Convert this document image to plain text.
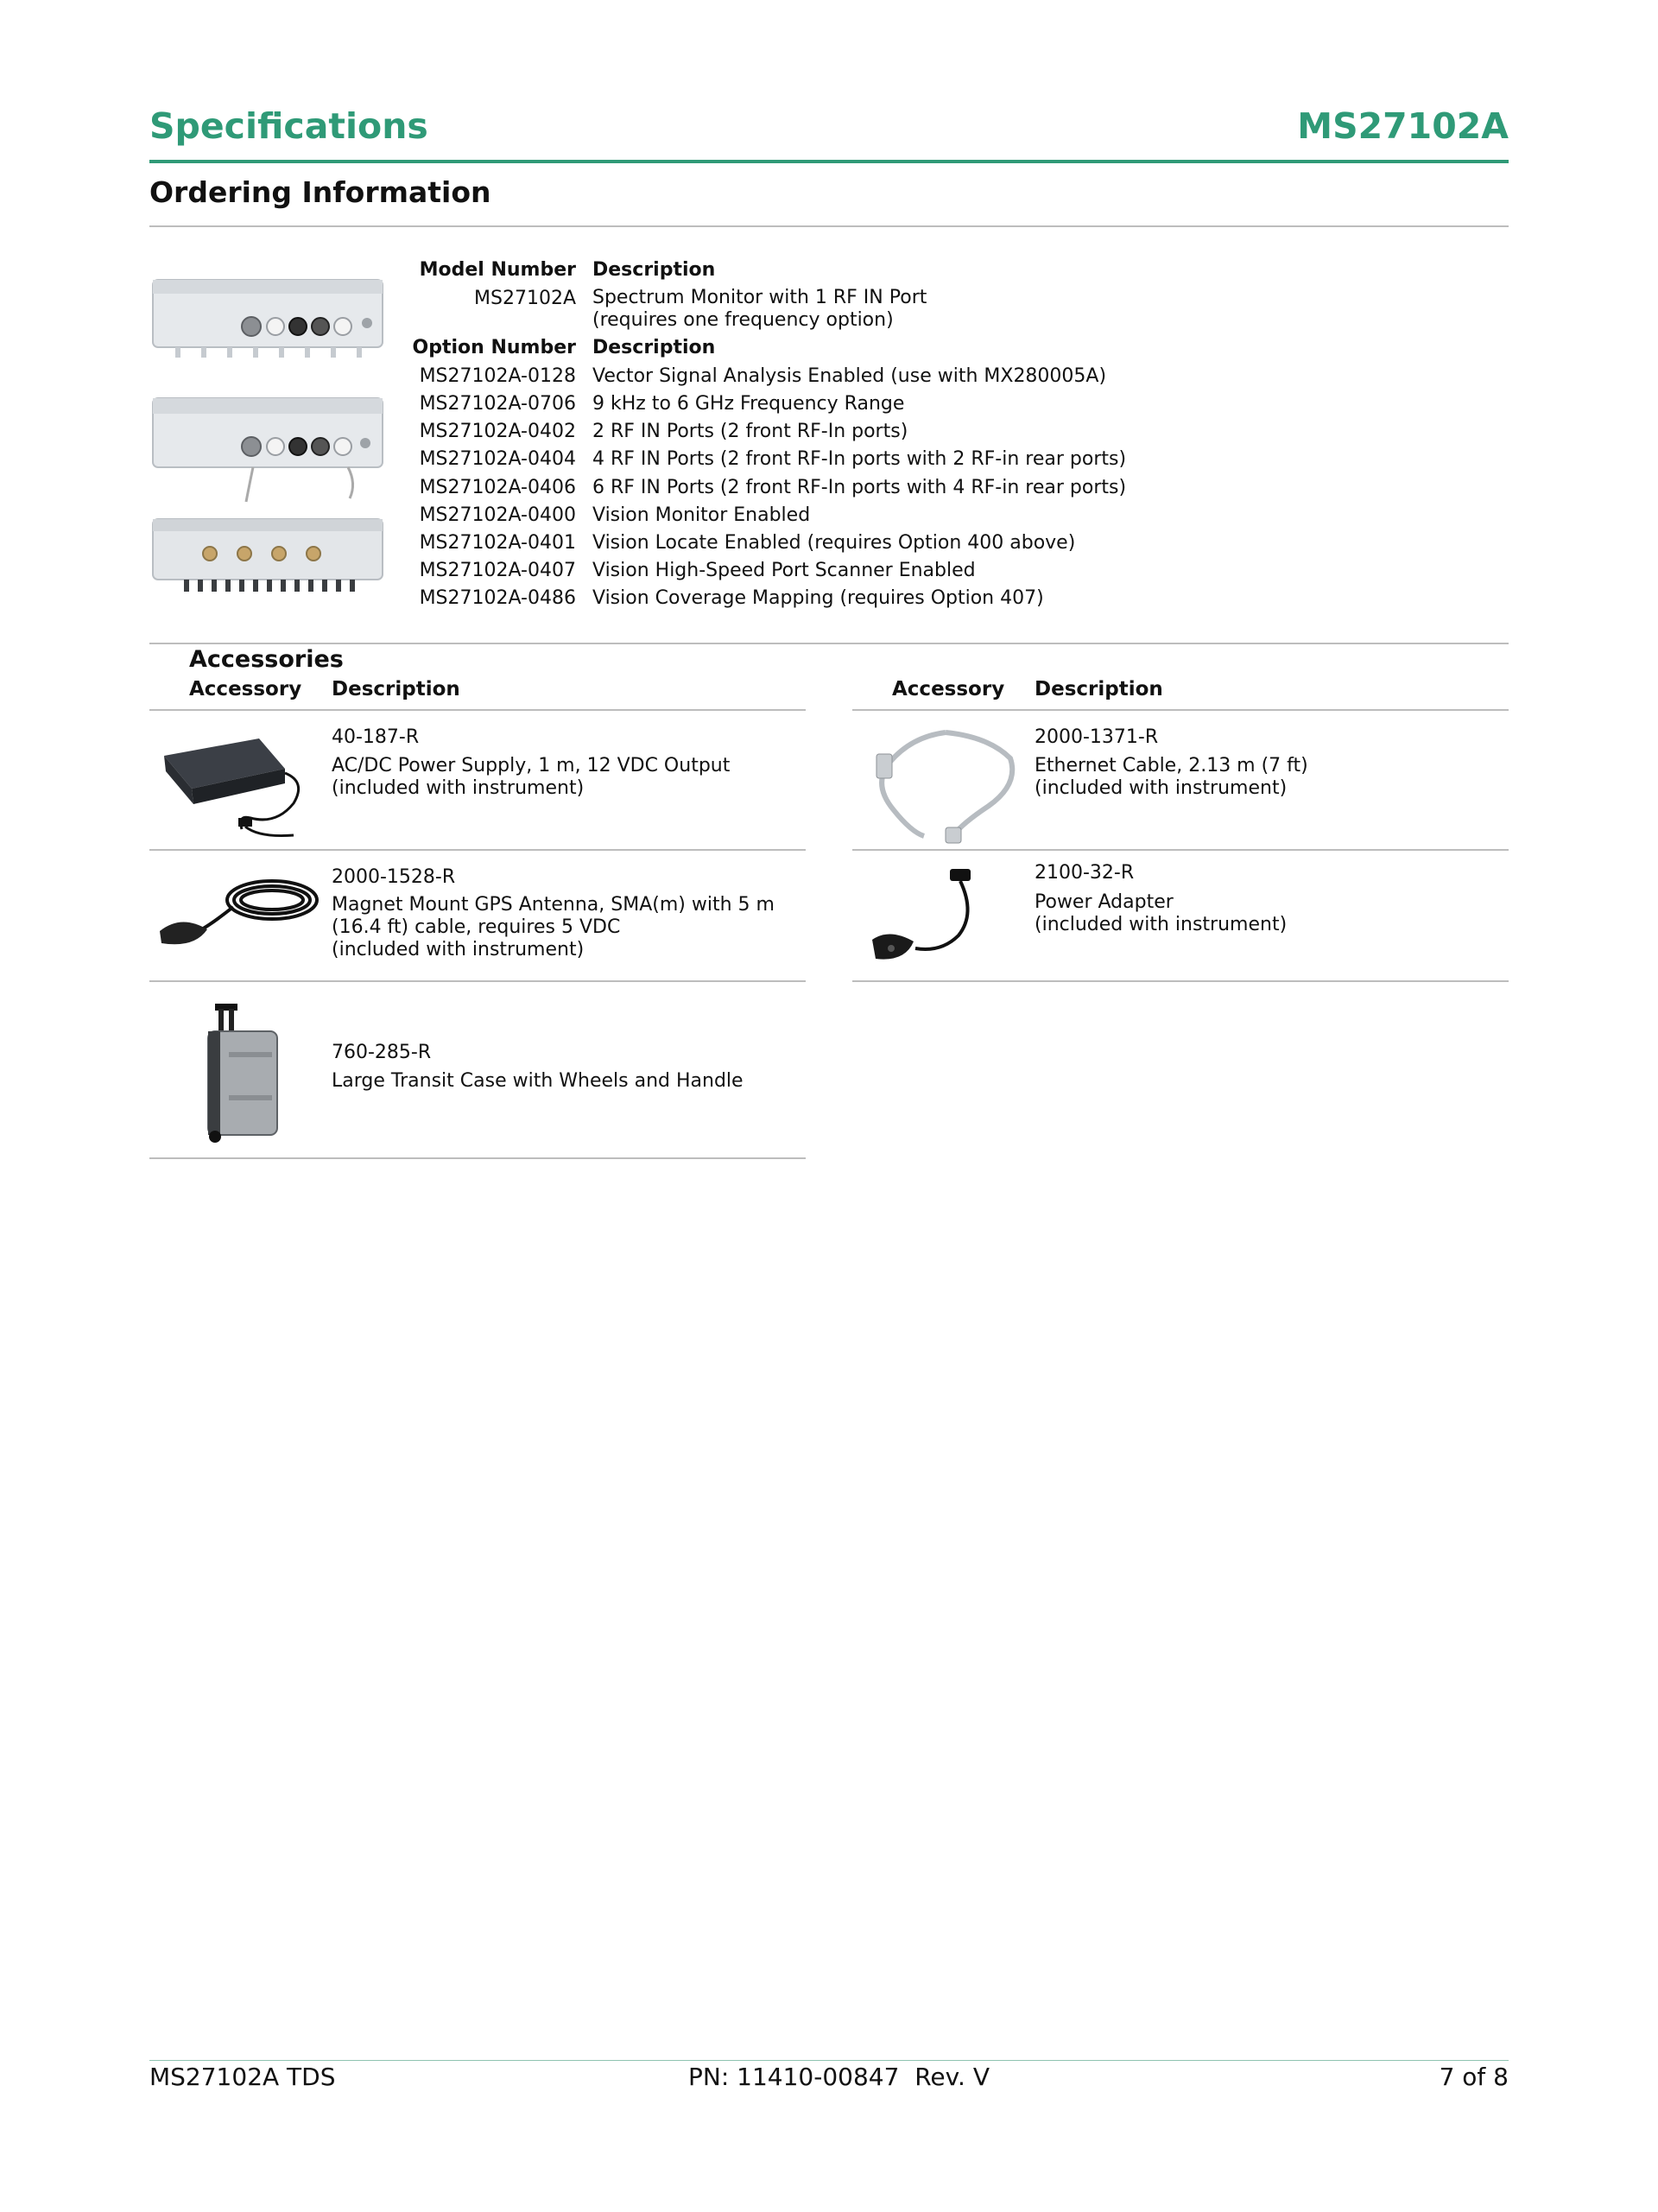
Specifications	MS27102A
Ordering Information
Model Number Description
MS27102A Spectrum Monitor with 1 RF IN Port
(requires one frequency option)
Option Number Description
MS27102A-0128 Vector Signal Analysis Enabled (use with MX280005A)
MS27102A-0706 9 kHz to 6 GHz Frequency Range
MS27102A-0402 2 RF IN Ports (2 front RF-In ports)
MS27102A-0404 4 RF IN Ports (2 front RF-In ports with 2 RF-in rear ports)
MS27102A-0406 6 RF IN Ports (2 front RF-In ports with 4 RF-in rear ports)
MS27102A-0400 Vision Monitor Enabled
MS27102A-0401 Vision Locate Enabled (requires Option 400 above)
MS27102A-0407 Vision High-Speed Port Scanner Enabled
MS27102A-0486 Vision Coverage Mapping (requires Option 407)
Accessories
Accessory Description	Accessory Description
40-187-R
AC/DC Power Supply, 1 m, 12 VDC Output
(included with instrument)
2000-1371-R
Ethernet Cable, 2.13 m (7 ft)
(included with instrument)
2000-1528-R
Magnet Mount GPS Antenna, SMA(m) with 5 m
(16.4 ft) cable, requires 5 VDC
(included with instrument)
2100-32-R
Power Adapter
(included with instrument)
760-285-R
Large Transit Case with Wheels and Handle
MS27102A TDS	PN: 11410-00847  Rev. V	7 of 8
